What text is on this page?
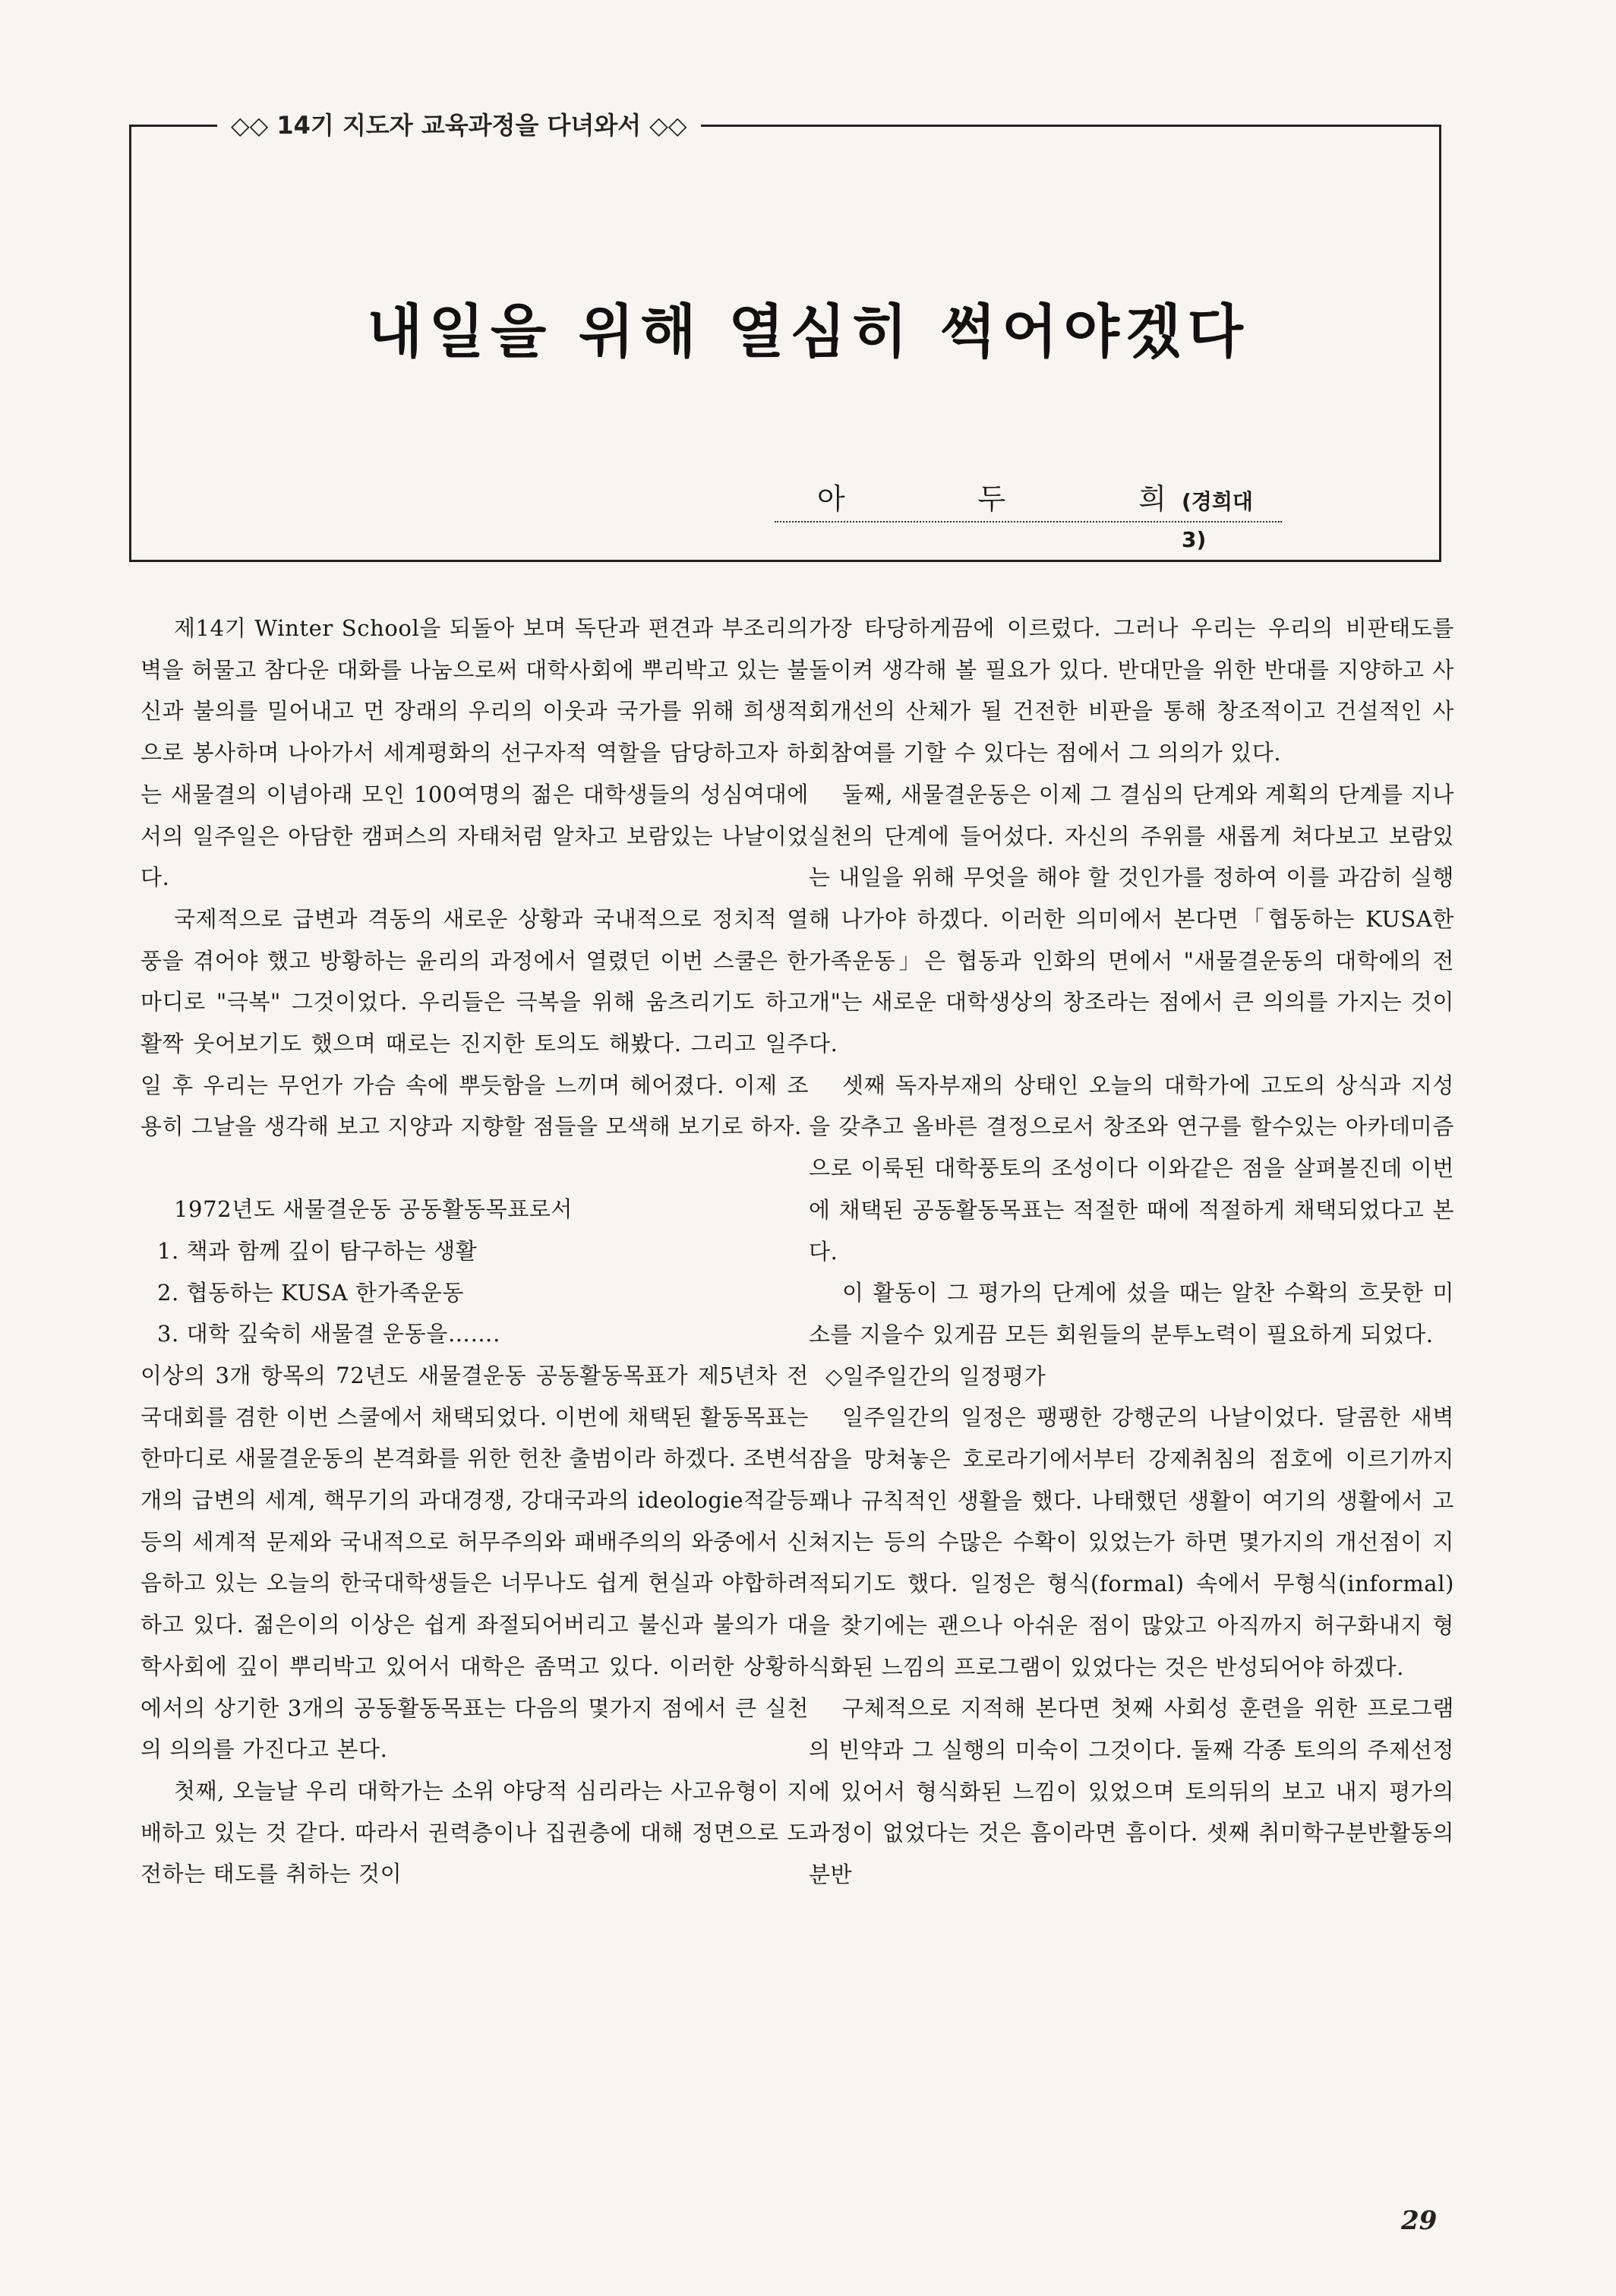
◇◇ 14기 지도자 교육과정을 다녀와서 ◇◇
내일을 위해 열심히 썩어야겠다
아	두	희 (경희대 3)

제14기 Winter School을 되돌아 보며 독단과 편견과 부조리의 벽을 허물고 참다운 대화를 나눔으로써 대학사회에 뿌리박고 있는 불신과 불의를 밀어내고 먼 장래의 우리의 이웃과 국가를 위해 희생적으로 봉사하며 나아가서 세계평화의 선구자적 역할을 담당하고자 하는 새물결의 이념아래 모인 100여명의 젊은 대학생들의 성심여대에서의 일주일은 아담한 캠퍼스의 자태처럼 알차고 보람있는 나날이었다.

국제적으로 급변과 격동의 새로운 상황과 국내적으로 정치적 열풍을 겪어야 했고 방황하는 윤리의 과정에서 열렸던 이번 스쿨은 한마디로 "극복" 그것이었다. 우리들은 극복을 위해 움츠리기도 하고 활짝 웃어보기도 했으며 때로는 진지한 토의도 해봤다. 그리고 일주일 후 우리는 무언가 가슴 속에 뿌듯함을 느끼며 헤어졌다. 이제 조용히 그날을 생각해 보고 지양과 지향할 점들을 모색해 보기로 하자.

1972년도 새물결운동 공동활동목표로서

1. 책과 함께 깊이 탐구하는 생활

2. 협동하는 KUSA 한가족운동

3. 대학 깊숙히 새물결 운동을…….

이상의 3개 항목의 72년도 새물결운동 공동활동목표가 제5년차 전국대회를 겸한 이번 스쿨에서 채택되었다. 이번에 채택된 활동목표는 한마디로 새물결운동의 본격화를 위한 헌찬 출범이라 하겠다. 조변석개의 급변의 세계, 핵무기의 과대경쟁, 강대국과의 ideologie적갈등 등의 세계적 문제와 국내적으로 허무주의와 패배주의의 와중에서 신음하고 있는 오늘의 한국대학생들은 너무나도 쉽게 현실과 야합하려 하고 있다. 젊은이의 이상은 쉽게 좌절되어버리고 불신과 불의가 대학사회에 깊이 뿌리박고 있어서 대학은 좀먹고 있다. 이러한 상황하에서의 상기한 3개의 공동활동목표는 다음의 몇가지 점에서 큰 실천의 의의를 가진다고 본다.

첫째, 오늘날 우리 대학가는 소위 야당적 심리라는 사고유형이 지배하고 있는 것 같다. 따라서 권력층이나 집권층에 대해 정면으로 도전하는 태도를 취하는 것이

가장 타당하게끔에 이르렀다. 그러나 우리는 우리의 비판태도를 돌이켜 생각해 볼 필요가 있다. 반대만을 위한 반대를 지양하고 사회개선의 산체가 될 건전한 비판을 통해 창조적이고 건설적인 사회참여를 기할 수 있다는 점에서 그 의의가 있다.

둘째, 새물결운동은 이제 그 결심의 단계와 계획의 단계를 지나 실천의 단계에 들어섰다. 자신의 주위를 새롭게 쳐다보고 보람있는 내일을 위해 무엇을 해야 할 것인가를 정하여 이를 과감히 실행해 나가야 하겠다. 이러한 의미에서 본다면「협동하는 KUSA한 가족운동」은 협동과 인화의 면에서 "새물결운동의 대학에의 전개"는 새로운 대학생상의 창조라는 점에서 큰 의의를 가지는 것이다.

셋째 독자부재의 상태인 오늘의 대학가에 고도의 상식과 지성을 갖추고 올바른 결정으로서 창조와 연구를 할수있는 아카데미즘으로 이룩된 대학풍토의 조성이다 이와같은 점을 살펴볼진데 이번에 채택된 공동활동목표는 적절한 때에 적절하게 채택되었다고 본다.

이 활동이 그 평가의 단계에 섰을 때는 알찬 수확의 흐뭇한 미소를 지을수 있게끔 모든 회원들의 분투노력이 필요하게 되었다.

◇일주일간의 일정평가

일주일간의 일정은 팽팽한 강행군의 나날이었다. 달콤한 새벽잠을 망쳐놓은 호로라기에서부터 강제취침의 점호에 이르기까지 꽤나 규칙적인 생활을 했다. 나태했던 생활이 여기의 생활에서 고쳐지는 등의 수많은 수확이 있었는가 하면 몇가지의 개선점이 지적되기도 했다. 일정은 형식(formal) 속에서 무형식(informal)을 찾기에는 괜으나 아쉬운 점이 많았고 아직까지 허구화내지 형식화된 느낌의 프로그램이 있었다는 것은 반성되어야 하겠다.

구체적으로 지적해 본다면 첫째 사회성 훈련을 위한 프로그램의 빈약과 그 실행의 미숙이 그것이다. 둘째 각종 토의의 주제선정에 있어서 형식화된 느낌이 있었으며 토의뒤의 보고 내지 평가의 과정이 없었다는 것은 흠이라면 흠이다. 셋째 취미학구분반활동의 분반

29
